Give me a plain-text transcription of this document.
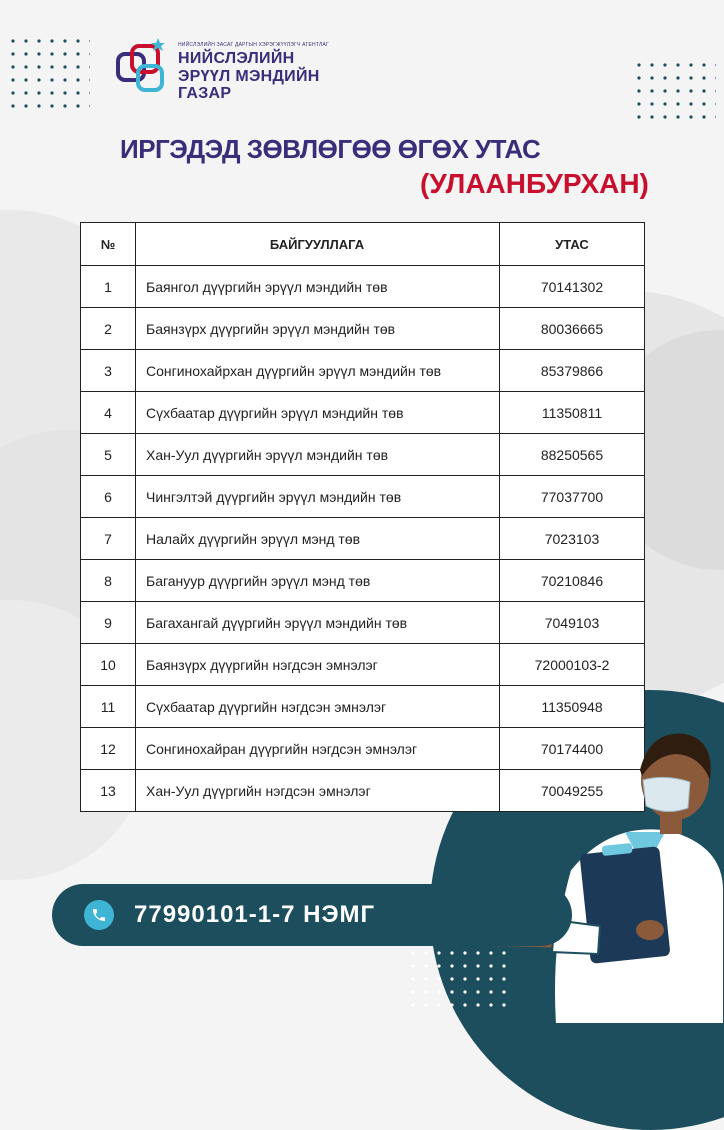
НИЙСЛЭЛИЙН ЗАСАГ ДАРГЫН ХЭРЭГЖҮҮЛЭГЧ АГЕНТЛАГ
НИЙСЛЭЛИЙН
ЭРҮҮЛ МЭНДИЙН
ГАЗАР
ИРГЭДЭД ЗӨВЛӨГӨӨ ӨГӨХ УТАС
(УЛААНБУРХАН)
№	БАЙГУУЛЛАГА	УТАС
1	Баянгол дүүргийн эрүүл мэндийн төв	70141302
2	Баянзүрх дүүргийн эрүүл мэндийн төв	80036665
3	Сонгинохайрхан дүүргийн эрүүл мэндийн төв	85379866
4	Сүхбаатар дүүргийн эрүүл мэндийн төв	11350811
5	Хан-Уул дүүргийн эрүүл мэндийн төв	88250565
6	Чингэлтэй дүүргийн эрүүл мэндийн төв	77037700
7	Налайх дүүргийн эрүүл мэнд төв	7023103
8	Багануур дүүргийн эрүүл мэнд төв	70210846
9	Багахангай дүүргийн эрүүл мэндийн төв	7049103
10	Баянзүрх дүүргийн нэгдсэн эмнэлэг	72000103-2
11	Сүхбаатар дүүргийн нэгдсэн эмнэлэг	11350948
12	Сонгинохайран дүүргийн нэгдсэн эмнэлэг	70174400
13	Хан-Уул дүүргийн нэгдсэн эмнэлэг	70049255
77990101-1-7 НЭМГ
